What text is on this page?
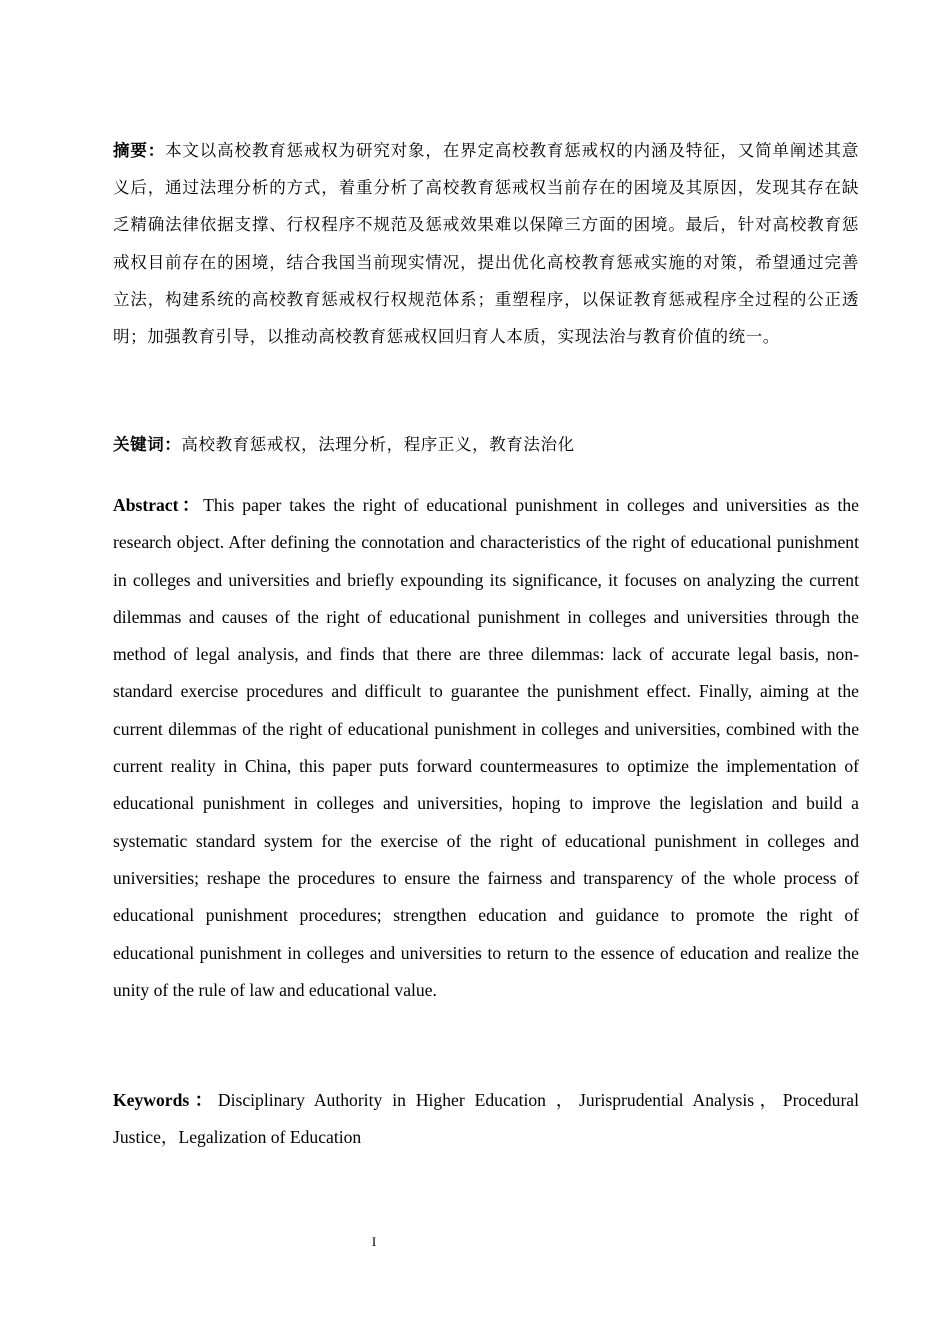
摘要：本文以高校教育惩戒权为研究对象，在界定高校教育惩戒权的内涵及特征，又简单阐述其意义后，通过法理分析的方式，着重分析了高校教育惩戒权当前存在的困境及其原因，发现其存在缺乏精确法律依据支撑、行权程序不规范及惩戒效果难以保障三方面的困境。最后，针对高校教育惩戒权目前存在的困境，结合我国当前现实情况，提出优化高校教育惩戒实施的对策，希望通过完善立法，构建系统的高校教育惩戒权行权规范体系；重塑程序，以保证教育惩戒程序全过程的公正透明；加强教育引导，以推动高校教育惩戒权回归育人本质，实现法治与教育价值的统一。

关键词：高校教育惩戒权，法理分析，程序正义，教育法治化

Abstract：This paper takes the right of educational punishment in colleges and universities as the research object. After defining the connotation and characteristics of the right of educational punishment in colleges and universities and briefly expounding its significance, it focuses on analyzing the current dilemmas and causes of the right of educational punishment in colleges and universities through the method of legal analysis, and finds that there are three dilemmas: lack of accurate legal basis, non-standard exercise procedures and difficult to guarantee the punishment effect. Finally, aiming at the current dilemmas of the right of educational punishment in colleges and universities, combined with the current reality in China, this paper puts forward countermeasures to optimize the implementation of educational punishment in colleges and universities, hoping to improve the legislation and build a systematic standard system for the exercise of the right of educational punishment in colleges and universities; reshape the procedures to ensure the fairness and transparency of the whole process of educational punishment procedures; strengthen education and guidance to promote the right of educational punishment in colleges and universities to return to the essence of education and realize the unity of the rule of law and educational value.

Keywords：Disciplinary Authority in Higher Education ，Jurisprudential Analysis，Procedural Justice，Legalization of Education

I
